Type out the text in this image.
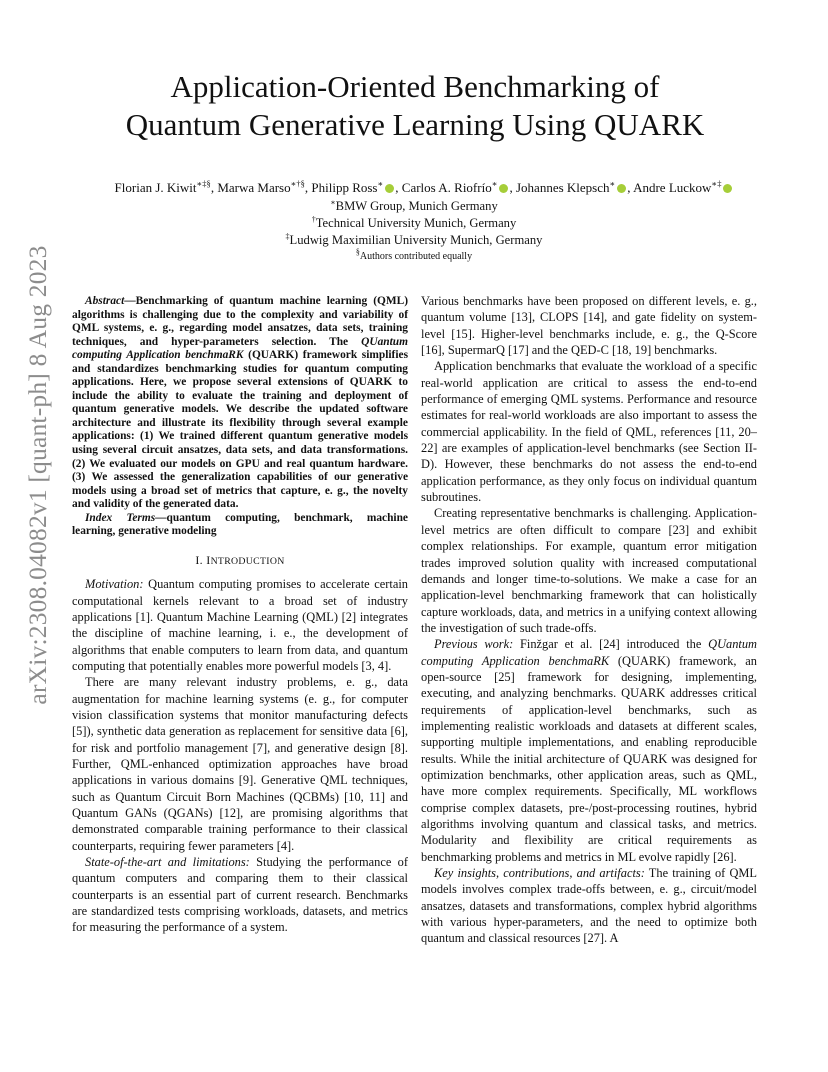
arXiv:2308.04082v1 [quant-ph] 8 Aug 2023
Application-Oriented Benchmarking of
Quantum Generative Learning Using QUARK
Florian J. Kiwit∗‡§, Marwa Marso∗†§, Philipp Ross∗ , Carlos A. Riofrío∗ , Johannes Klepsch∗ , Andre Luckow∗‡
∗BMW Group, Munich Germany
†Technical University Munich, Germany
‡Ludwig Maximilian University Munich, Germany
§Authors contributed equally

Abstract—Benchmarking of quantum machine learning (QML) algorithms is challenging due to the complexity and variability of QML systems, e. g., regarding model ansatzes, data sets, training techniques, and hyper-parameters selection. The QUantum computing Application benchmaRK (QUARK) framework simplifies and standardizes benchmarking studies for quantum computing applications. Here, we propose several extensions of QUARK to include the ability to evaluate the training and deployment of quantum generative models. We describe the updated software architecture and illustrate its flexibility through several example applications: (1) We trained different quantum generative models using several circuit ansatzes, data sets, and data transformations. (2) We evaluated our models on GPU and real quantum hardware. (3) We assessed the generalization capabilities of our generative models using a broad set of metrics that capture, e. g., the novelty and validity of the generated data.

Index Terms—quantum computing, benchmark, machine learning, generative modeling

I. INTRODUCTION

Motivation: Quantum computing promises to accelerate certain computational kernels relevant to a broad set of industry applications [1]. Quantum Machine Learning (QML) [2] integrates the discipline of machine learning, i. e., the development of algorithms that enable computers to learn from data, and quantum computing that potentially enables more powerful models [3, 4].

There are many relevant industry problems, e. g., data augmentation for machine learning systems (e. g., for computer vision classification systems that monitor manufacturing defects [5]), synthetic data generation as replacement for sensitive data [6], for risk and portfolio management [7], and generative design [8]. Further, QML-enhanced optimization approaches have broad applications in various domains [9]. Generative QML techniques, such as Quantum Circuit Born Machines (QCBMs) [10, 11] and Quantum GANs (QGANs) [12], are promising algorithms that demonstrated comparable training performance to their classical counterparts, requiring fewer parameters [4].

State-of-the-art and limitations: Studying the performance of quantum computers and comparing them to their classical counterparts is an essential part of current research. Benchmarks are standardized tests comprising workloads, datasets, and metrics for measuring the performance of a system.

Various benchmarks have been proposed on different levels, e. g., quantum volume [13], CLOPS [14], and gate fidelity on system-level [15]. Higher-level benchmarks include, e. g., the Q-Score [16], SupermarQ [17] and the QED-C [18, 19] benchmarks.

Application benchmarks that evaluate the workload of a specific real-world application are critical to assess the end-to-end performance of emerging QML systems. Performance and resource estimates for real-world workloads are also important to assess the commercial applicability. In the field of QML, references [11, 20–22] are examples of application-level benchmarks (see Section II-D). However, these benchmarks do not assess the end-to-end application performance, as they only focus on individual quantum subroutines.

Creating representative benchmarks is challenging. Application-level metrics are often difficult to compare [23] and exhibit complex relationships. For example, quantum error mitigation trades improved solution quality with increased computational demands and longer time-to-solutions. We make a case for an application-level benchmarking framework that can holistically capture workloads, data, and metrics in a unifying context allowing the investigation of such trade-offs.

Previous work: Finžgar et al. [24] introduced the QUantum computing Application benchmaRK (QUARK) framework, an open-source [25] framework for designing, implementing, executing, and analyzing benchmarks. QUARK addresses critical requirements of application-level benchmarks, such as implementing realistic workloads and datasets at different scales, supporting multiple implementations, and enabling reproducible results. While the initial architecture of QUARK was designed for optimization benchmarks, other application areas, such as QML, have more complex requirements. Specifically, ML workflows comprise complex datasets, pre-/post-processing routines, hybrid algorithms involving quantum and classical tasks, and metrics. Modularity and flexibility are critical requirements as benchmarking problems and metrics in ML evolve rapidly [26].

Key insights, contributions, and artifacts: The training of QML models involves complex trade-offs between, e. g., circuit/model ansatzes, datasets and transformations, complex hybrid algorithms with various hyper-parameters, and the need to optimize both quantum and classical resources [27]. A
